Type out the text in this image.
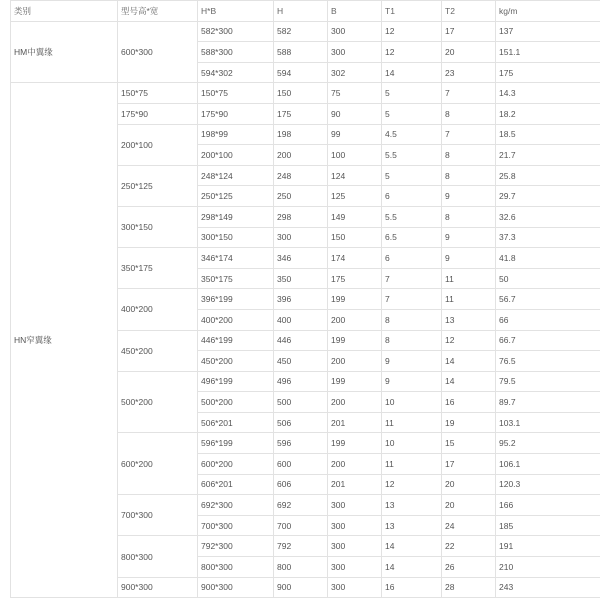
类别	型号高*宽	H*B	H	B	T1	T2	kg/m
HM中翼缘	600*300	582*300	582	300	12	17	137
		588*300	588	300	12	20	151.1
		594*302	594	302	14	23	175
HN窄翼缘	150*75	150*75	150	75	5	7	14.3
	175*90	175*90	175	90	5	8	18.2
	200*100	198*99	198	99	4.5	7	18.5
		200*100	200	100	5.5	8	21.7
	250*125	248*124	248	124	5	8	25.8
		250*125	250	125	6	9	29.7
	300*150	298*149	298	149	5.5	8	32.6
		300*150	300	150	6.5	9	37.3
	350*175	346*174	346	174	6	9	41.8
		350*175	350	175	7	11	50
	400*200	396*199	396	199	7	11	56.7
		400*200	400	200	8	13	66
	450*200	446*199	446	199	8	12	66.7
		450*200	450	200	9	14	76.5
	500*200	496*199	496	199	9	14	79.5
		500*200	500	200	10	16	89.7
		506*201	506	201	11	19	103.1
	600*200	596*199	596	199	10	15	95.2
		600*200	600	200	11	17	106.1
		606*201	606	201	12	20	120.3
	700*300	692*300	692	300	13	20	166
		700*300	700	300	13	24	185
	800*300	792*300	792	300	14	22	191
		800*300	800	300	14	26	210
	900*300	900*300	900	300	16	28	243
